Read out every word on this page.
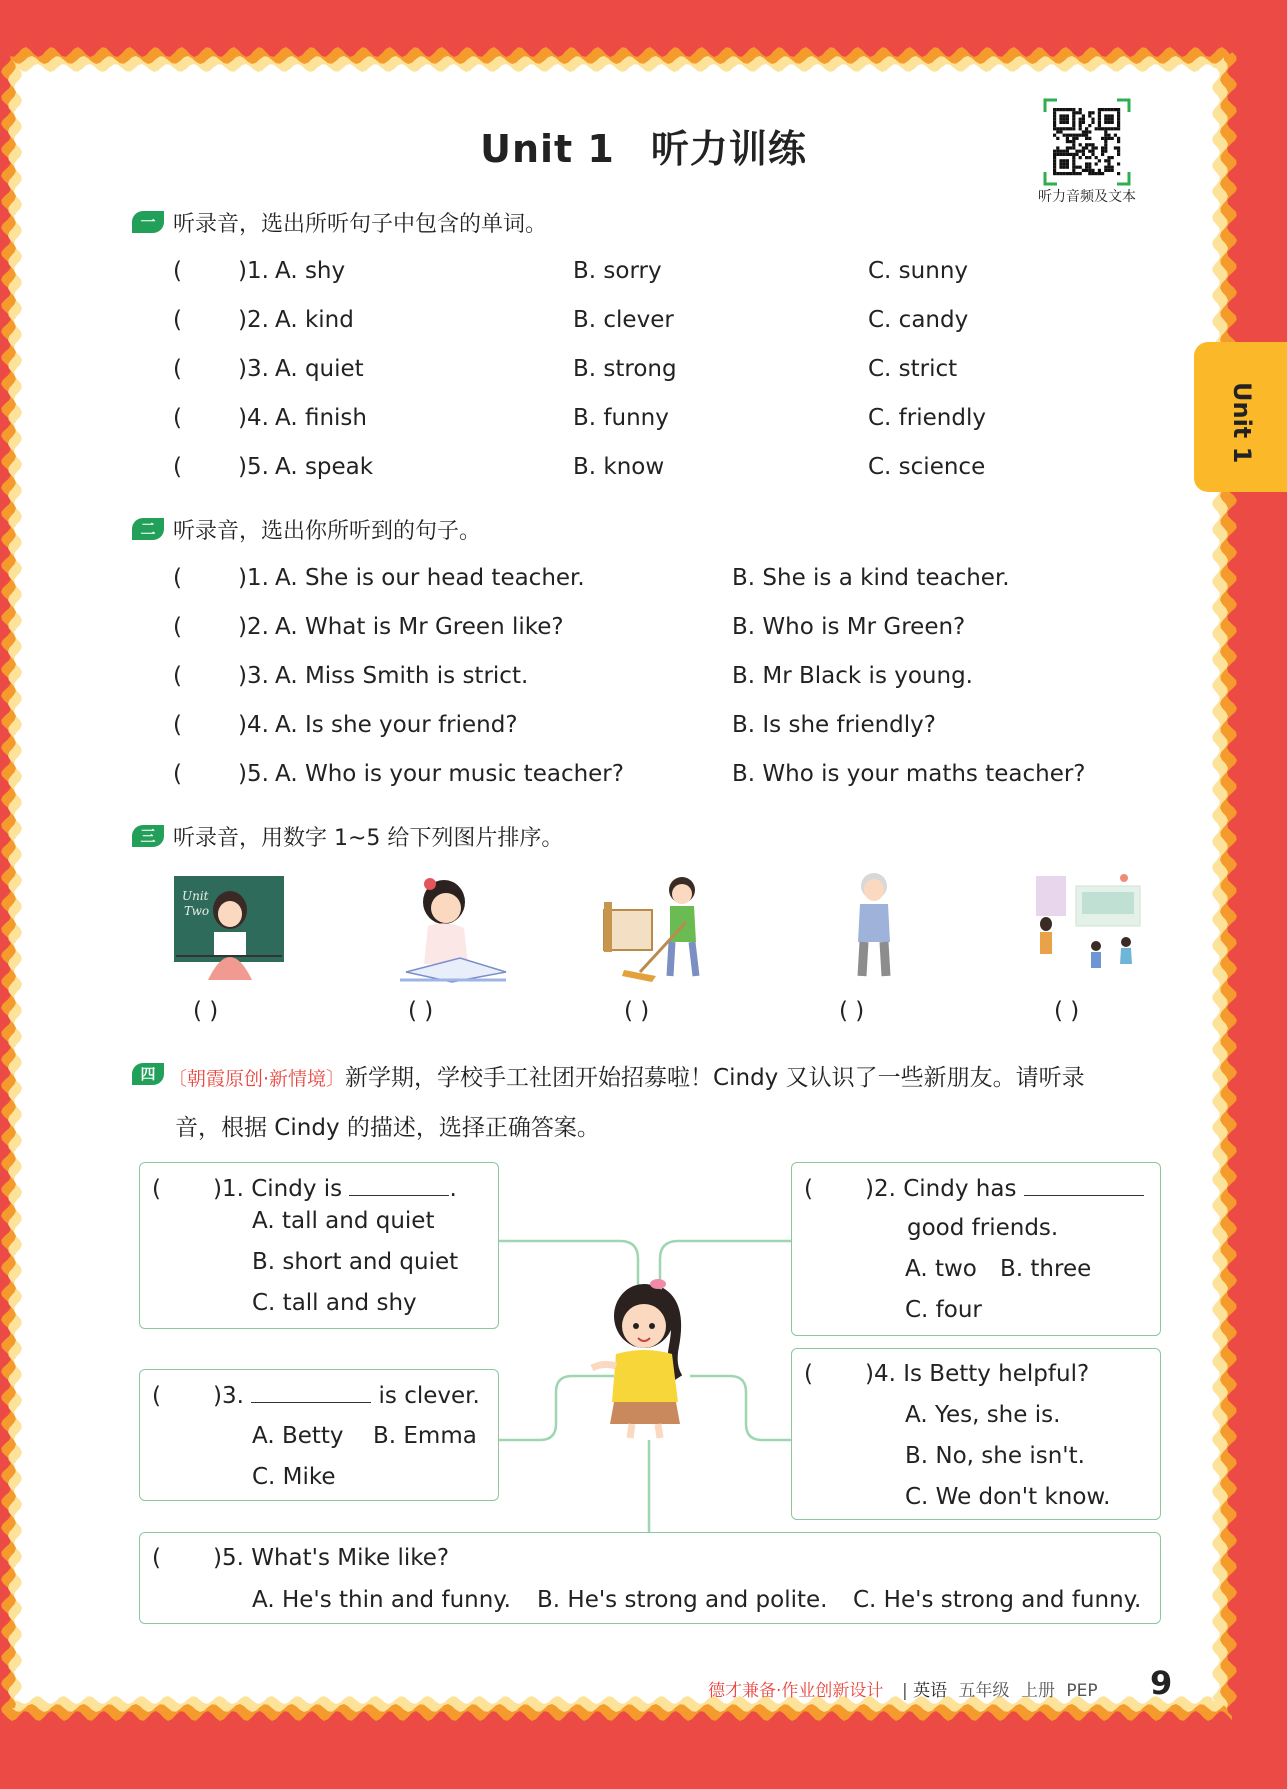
Unit 1 听力训练
听力音频及文本
Unit 1
一 听录音，选出所听句子中包含的单词。
( )1. A. shy	B. sorry	C. sunny
( )2. A. kind	B. clever	C. candy
( )3. A. quiet	B. strong	C. strict
( )4. A. finish	B. funny	C. friendly
( )5. A. speak	B. know	C. science
二 听录音，选出你所听到的句子。
( )1. A. She is our head teacher.	B. She is a kind teacher.
( )2. A. What is Mr Green like?	B. Who is Mr Green?
( )3. A. Miss Smith is strict.	B. Mr Black is young.
( )4. A. Is she your friend?	B. Is she friendly?
( )5. A. Who is your music teacher?	B. Who is your maths teacher?
三 听录音，用数字 1~5 给下列图片排序。
Unit
Two
( )	( )	( )	( )	( )
四 〔朝霞原创·新情境〕新学期，学校手工社团开始招募啦！Cindy 又认识了一些新朋友。请听录
音，根据 Cindy 的描述，选择正确答案。
( )1. Cindy is	.
A. tall and quiet
B. short and quiet
C. tall and shy
( )2. Cindy has
good friends.
A. two B. three
C. four
( )3.	is clever.
A. Betty B. Emma
C. Mike
( )4. Is Betty helpful?
A. Yes, she is.
B. No, she isn't.
C. We don't know.
( )5. What's Mike like?
A. He's thin and funny. B. He's strong and polite. C. He's strong and funny.
德才兼备·作业创新设计 | 英语 五年级 上册 PEP 9
